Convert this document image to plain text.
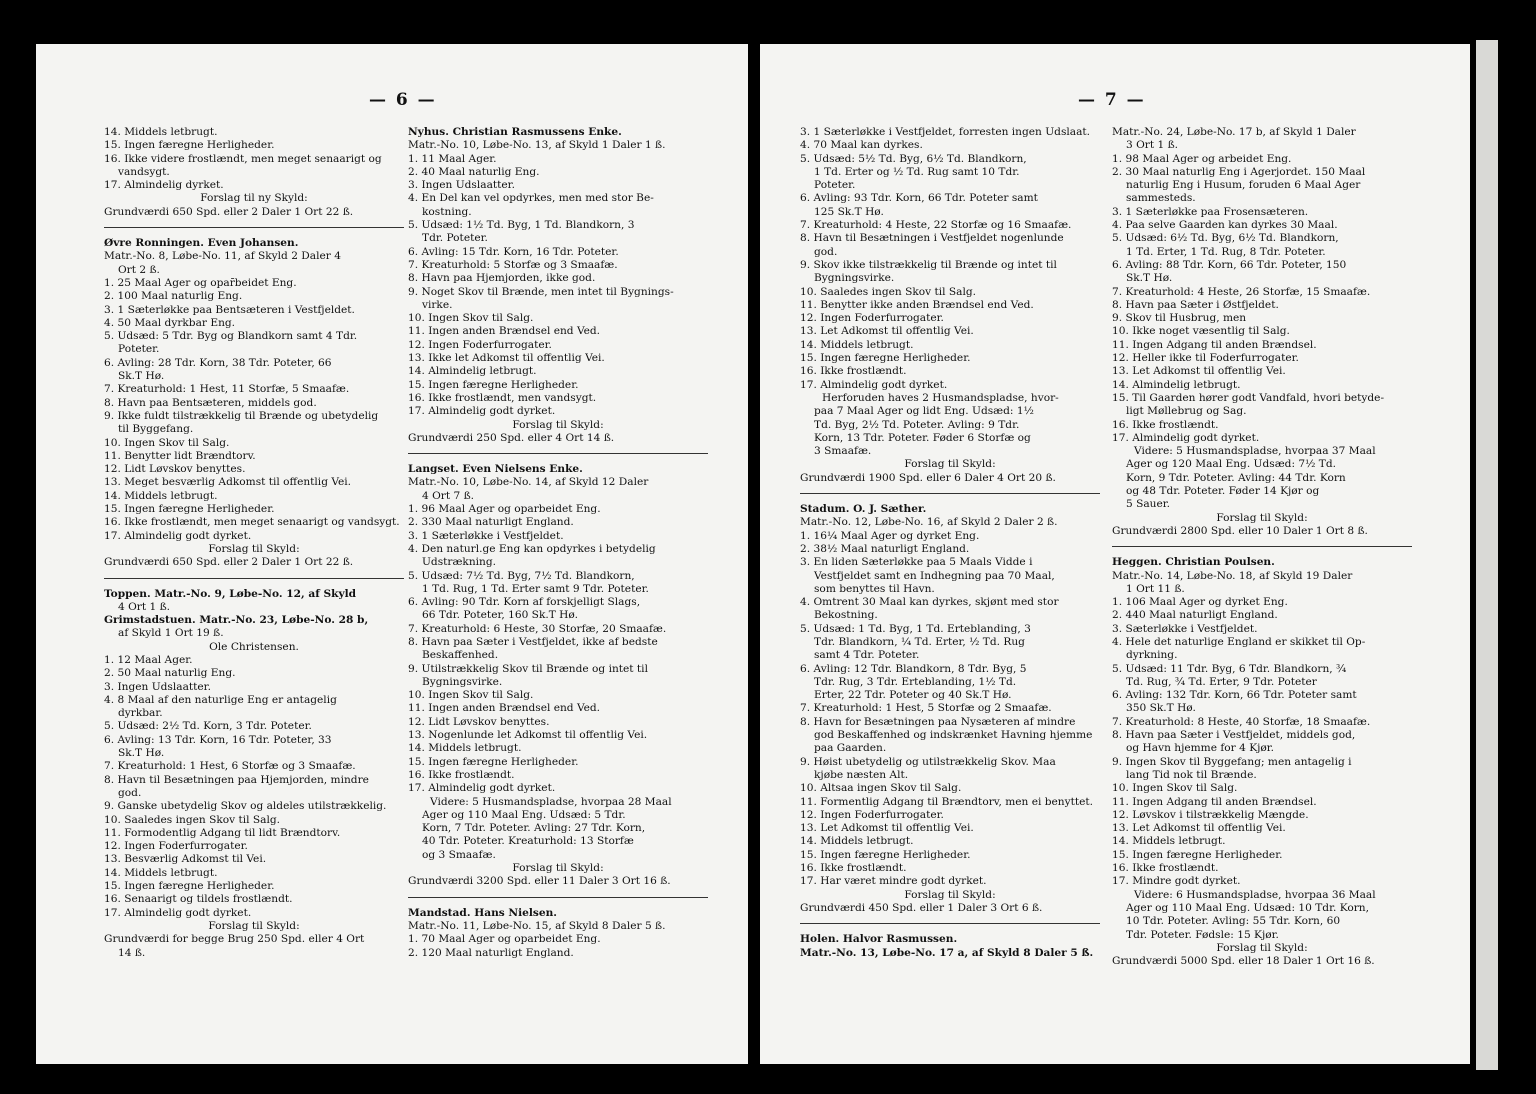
— 6 —
14. Middels letbrugt.
15. Ingen færegne Herligheder.
16. Ikke videre frostlændt, men meget senaarigt og
vandsygt.
17. Almindelig dyrket.
Forslag til ny Skyld:
Grundværdi 650 Spd. eller 2 Daler 1 Ort 22 ß.
Øvre Ronningen. Even Johansen.
Matr.-No. 8, Løbe-No. 11, af Skyld 2 Daler 4
Ort 2 ß.
1. 25 Maal Ager og opar̄beidet Eng.
2. 100 Maal naturlig Eng.
3. 1 Sæterløkke paa Bentsæteren i Vestfjeldet.
4. 50 Maal dyrkbar Eng.
5. Udsæd: 5 Tdr. Byg og Blandkorn samt 4 Tdr.
Poteter.
6. Avling: 28 Tdr. Korn, 38 Tdr. Poteter, 66
Sk.T Hø.
7. Kreaturhold: 1 Hest, 11 Storfæ, 5 Smaafæ.
8. Havn paa Bentsæteren, middels god.
9. Ikke fuldt tilstrækkelig til Brænde og ubetydelig
til Byggefang.
10. Ingen Skov til Salg.
11. Benytter lidt Brændtorv.
12. Lidt Løvskov benyttes.
13. Meget besværlig Adkomst til offentlig Vei.
14. Middels letbrugt.
15. Ingen færegne Herligheder.
16. Ikke frostlændt, men meget senaarigt og vandsygt.
17. Almindelig godt dyrket.
Forslag til Skyld:
Grundværdi 650 Spd. eller 2 Daler 1 Ort 22 ß.
Toppen. Matr.-No. 9, Løbe-No. 12, af Skyld
4 Ort 1 ß.
Grimstadstuen. Matr.-No. 23, Løbe-No. 28 b,
af Skyld 1 Ort 19 ß.
Ole Christensen.
1. 12 Maal Ager.
2. 50 Maal naturlig Eng.
3. Ingen Udslaatter.
4. 8 Maal af den naturlige Eng er antagelig
dyrkbar.
5. Udsæd: 2½ Td. Korn, 3 Tdr. Poteter.
6. Avling: 13 Tdr. Korn, 16 Tdr. Poteter, 33
Sk.T Hø.
7. Kreaturhold: 1 Hest, 6 Storfæ og 3 Smaafæ.
8. Havn til Besætningen paa Hjemjorden, mindre
god.
9. Ganske ubetydelig Skov og aldeles utilstrækkelig.
10. Saaledes ingen Skov til Salg.
11. Formodentlig Adgang til lidt Brændtorv.
12. Ingen Foderfurrogater.
13. Besværlig Adkomst til Vei.
14. Middels letbrugt.
15. Ingen færegne Herligheder.
16. Senaarigt og tildels frostlændt.
17. Almindelig godt dyrket.
Forslag til Skyld:
Grundværdi for begge Brug 250 Spd. eller 4 Ort
14 ß.
Nyhus. Christian Rasmussens Enke.
Matr.-No. 10, Løbe-No. 13, af Skyld 1 Daler 1 ß.
1. 11 Maal Ager.
2. 40 Maal naturlig Eng.
3. Ingen Udslaatter.
4. En Del kan vel opdyrkes, men med stor Be-
kostning.
5. Udsæd: 1½ Td. Byg, 1 Td. Blandkorn, 3
Tdr. Poteter.
6. Avling: 15 Tdr. Korn, 16 Tdr. Poteter.
7. Kreaturhold: 5 Storfæ og 3 Smaafæ.
8. Havn paa Hjemjorden, ikke god.
9. Noget Skov til Brænde, men intet til Bygnings-
virke.
10. Ingen Skov til Salg.
11. Ingen anden Brændsel end Ved.
12. Ingen Foderfurrogater.
13. Ikke let Adkomst til offentlig Vei.
14. Almindelig letbrugt.
15. Ingen færegne Herligheder.
16. Ikke frostlændt, men vandsygt.
17. Almindelig godt dyrket.
Forslag til Skyld:
Grundværdi 250 Spd. eller 4 Ort 14 ß.
Langset. Even Nielsens Enke.
Matr.-No. 10, Løbe-No. 14, af Skyld 12 Daler
4 Ort 7 ß.
1. 96 Maal Ager og oparbeidet Eng.
2. 330 Maal naturligt England.
3. 1 Sæterløkke i Vestfjeldet.
4. Den naturl.ge Eng kan opdyrkes i betydelig
Udstrækning.
5. Udsæd: 7½ Td. Byg, 7½ Td. Blandkorn,
1 Td. Rug, 1 Td. Erter samt 9 Tdr. Poteter.
6. Avling: 90 Tdr. Korn af forskjelligt Slags,
66 Tdr. Poteter, 160 Sk.T Hø.
7. Kreaturhold: 6 Heste, 30 Storfæ, 20 Smaafæ.
8. Havn paa Sæter i Vestfjeldet, ikke af bedste
Beskaffenhed.
9. Utilstrækkelig Skov til Brænde og intet til
Bygningsvirke.
10. Ingen Skov til Salg.
11. Ingen anden Brændsel end Ved.
12. Lidt Løvskov benyttes.
13. Nogenlunde let Adkomst til offentlig Vei.
14. Middels letbrugt.
15. Ingen færegne Herligheder.
16. Ikke frostlændt.
17. Almindelig godt dyrket.
Videre: 5 Husmandspladse, hvorpaa 28 Maal
Ager og 110 Maal Eng. Udsæd: 5 Tdr.
Korn, 7 Tdr. Poteter. Avling: 27 Tdr. Korn,
40 Tdr. Poteter. Kreaturhold: 13 Storfæ
og 3 Smaafæ.
Forslag til Skyld:
Grundværdi 3200 Spd. eller 11 Daler 3 Ort 16 ß.
Mandstad. Hans Nielsen.
Matr.-No. 11, Løbe-No. 15, af Skyld 8 Daler 5 ß.
1. 70 Maal Ager og oparbeidet Eng.
2. 120 Maal naturligt England.
— 7 —
3. 1 Sæterløkke i Vestfjeldet, forresten ingen Udslaat.
4. 70 Maal kan dyrkes.
5. Udsæd: 5½ Td. Byg, 6½ Td. Blandkorn,
1 Td. Erter og ½ Td. Rug samt 10 Tdr.
Poteter.
6. Avling: 93 Tdr. Korn, 66 Tdr. Poteter samt
125 Sk.T Hø.
7. Kreaturhold: 4 Heste, 22 Storfæ og 16 Smaafæ.
8. Havn til Besætningen i Vestfjeldet nogenlunde
god.
9. Skov ikke tilstrækkelig til Brænde og intet til
Bygningsvirke.
10. Saaledes ingen Skov til Salg.
11. Benytter ikke anden Brændsel end Ved.
12. Ingen Foderfurrogater.
13. Let Adkomst til offentlig Vei.
14. Middels letbrugt.
15. Ingen færegne Herligheder.
16. Ikke frostlændt.
17. Almindelig godt dyrket.
Herforuden haves 2 Husmandspladse, hvor-
paa 7 Maal Ager og lidt Eng. Udsæd: 1½
Td. Byg, 2½ Td. Poteter. Avling: 9 Tdr.
Korn, 13 Tdr. Poteter. Føder 6 Storfæ og
3 Smaafæ.
Forslag til Skyld:
Grundværdi 1900 Spd. eller 6 Daler 4 Ort 20 ß.
Stadum. O. J. Sæther.
Matr.-No. 12, Løbe-No. 16, af Skyld 2 Daler 2 ß.
1. 16¼ Maal Ager og dyrket Eng.
2. 38½ Maal naturligt England.
3. En liden Sæterløkke paa 5 Maals Vidde i
Vestfjeldet samt en Indhegning paa 70 Maal,
som benyttes til Havn.
4. Omtrent 30 Maal kan dyrkes, skjønt med stor
Bekostning.
5. Udsæd: 1 Td. Byg, 1 Td. Erteblanding, 3
Tdr. Blandkorn, ¼ Td. Erter, ½ Td. Rug
samt 4 Tdr. Poteter.
6. Avling: 12 Tdr. Blandkorn, 8 Tdr. Byg, 5
Tdr. Rug, 3 Tdr. Erteblanding, 1½ Td.
Erter, 22 Tdr. Poteter og 40 Sk.T Hø.
7. Kreaturhold: 1 Hest, 5 Storfæ og 2 Smaafæ.
8. Havn for Besætningen paa Nysæteren af mindre
god Beskaffenhed og indskrænket Havning hjemme
paa Gaarden.
9. Høist ubetydelig og utilstrækkelig Skov. Maa
kjøbe næsten Alt.
10. Altsaa ingen Skov til Salg.
11. Formentlig Adgang til Brændtorv, men ei benyttet.
12. Ingen Foderfurrogater.
13. Let Adkomst til offentlig Vei.
14. Middels letbrugt.
15. Ingen færegne Herligheder.
16. Ikke frostlændt.
17. Har været mindre godt dyrket.
Forslag til Skyld:
Grundværdi 450 Spd. eller 1 Daler 3 Ort 6 ß.
Holen. Halvor Rasmussen.
Matr.-No. 13, Løbe-No. 17 a, af Skyld 8 Daler 5 ß.
Matr.-No. 24, Løbe-No. 17 b, af Skyld 1 Daler
3 Ort 1 ß.
1. 98 Maal Ager og arbeidet Eng.
2. 30 Maal naturlig Eng i Agerjordet. 150 Maal
naturlig Eng i Husum, foruden 6 Maal Ager
sammesteds.
3. 1 Sæterløkke paa Frosensæteren.
4. Paa selve Gaarden kan dyrkes 30 Maal.
5. Udsæd: 6½ Td. Byg, 6½ Td. Blandkorn,
1 Td. Erter, 1 Td. Rug, 8 Tdr. Poteter.
6. Avling: 88 Tdr. Korn, 66 Tdr. Poteter, 150
Sk.T Hø.
7. Kreaturhold: 4 Heste, 26 Storfæ, 15 Smaafæ.
8. Havn paa Sæter i Østfjeldet.
9. Skov til Husbrug, men
10. Ikke noget væsentlig til Salg.
11. Ingen Adgang til anden Brændsel.
12. Heller ikke til Foderfurrogater.
13. Let Adkomst til offentlig Vei.
14. Almindelig letbrugt.
15. Til Gaarden hører godt Vandfald, hvori betyde-
ligt Møllebrug og Sag.
16. Ikke frostlændt.
17. Almindelig godt dyrket.
Videre: 5 Husmandspladse, hvorpaa 37 Maal
Ager og 120 Maal Eng. Udsæd: 7½ Td.
Korn, 9 Tdr. Poteter. Avling: 44 Tdr. Korn
og 48 Tdr. Poteter. Føder 14 Kjør og
5 Sauer.
Forslag til Skyld:
Grundværdi 2800 Spd. eller 10 Daler 1 Ort 8 ß.
Heggen. Christian Poulsen.
Matr.-No. 14, Løbe-No. 18, af Skyld 19 Daler
1 Ort 11 ß.
1. 106 Maal Ager og dyrket Eng.
2. 440 Maal naturligt England.
3. Sæterløkke i Vestfjeldet.
4. Hele det naturlige England er skikket til Op-
dyrkning.
5. Udsæd: 11 Tdr. Byg, 6 Tdr. Blandkorn, ¾
Td. Rug, ¾ Td. Erter, 9 Tdr. Poteter
6. Avling: 132 Tdr. Korn, 66 Tdr. Poteter samt
350 Sk.T Hø.
7. Kreaturhold: 8 Heste, 40 Storfæ, 18 Smaafæ.
8. Havn paa Sæter i Vestfjeldet, middels god,
og Havn hjemme for 4 Kjør.
9. Ingen Skov til Byggefang; men antagelig i
lang Tid nok til Brænde.
10. Ingen Skov til Salg.
11. Ingen Adgang til anden Brændsel.
12. Løvskov i tilstrækkelig Mængde.
13. Let Adkomst til offentlig Vei.
14. Middels letbrugt.
15. Ingen færegne Herligheder.
16. Ikke frostlændt.
17. Mindre godt dyrket.
Videre: 6 Husmandspladse, hvorpaa 36 Maal
Ager og 110 Maal Eng. Udsæd: 10 Tdr. Korn,
10 Tdr. Poteter. Avling: 55 Tdr. Korn, 60
Tdr. Poteter. Fødsle: 15 Kjør.
Forslag til Skyld:
Grundværdi 5000 Spd. eller 18 Daler 1 Ort 16 ß.
